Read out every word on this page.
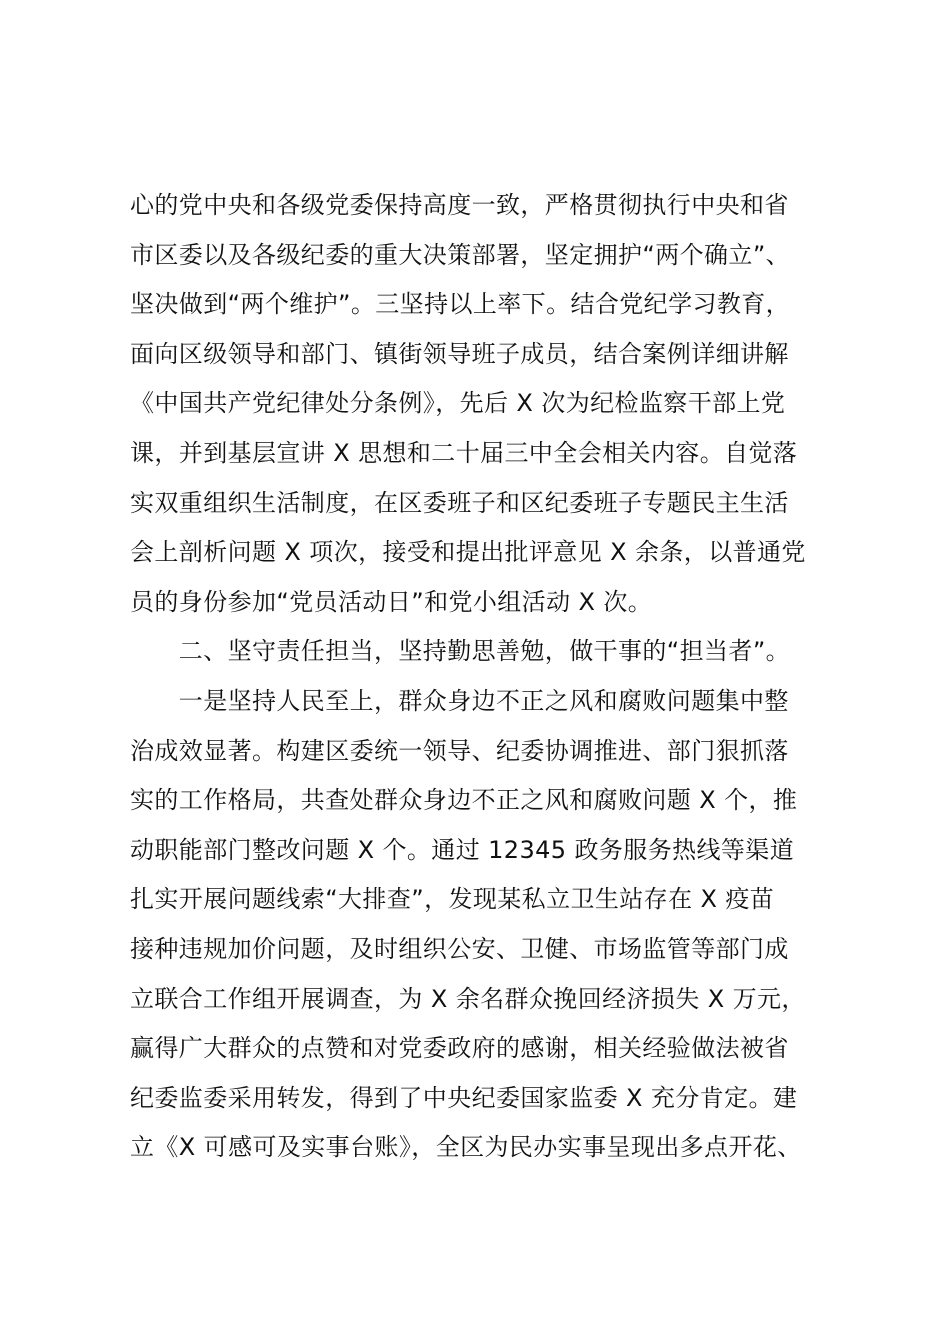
心的党中央和各级党委保持高度一致，严格贯彻执行中央和省
市区委以及各级纪委的重大决策部署，坚定拥护“两个确立”、
坚决做到“两个维护”。三坚持以上率下。结合党纪学习教育，
面向区级领导和部门、镇街领导班子成员，结合案例详细讲解
《中国共产党纪律处分条例》，先后 X 次为纪检监察干部上党
课，并到基层宣讲 X 思想和二十届三中全会相关内容。自觉落
实双重组织生活制度，在区委班子和区纪委班子专题民主生活
会上剖析问题 X 项次，接受和提出批评意见 X 余条，以普通党
员的身份参加“党员活动日”和党小组活动 X 次。
　　二、坚守责任担当，坚持勤思善勉，做干事的“担当者”。
　　一是坚持人民至上，群众身边不正之风和腐败问题集中整
治成效显著。构建区委统一领导、纪委协调推进、部门狠抓落
实的工作格局，共查处群众身边不正之风和腐败问题 X 个，推
动职能部门整改问题 X 个。通过 12345 政务服务热线等渠道
扎实开展问题线索“大排查”，发现某私立卫生站存在 X 疫苗
接种违规加价问题，及时组织公安、卫健、市场监管等部门成
立联合工作组开展调查，为 X 余名群众挽回经济损失 X 万元，
赢得广大群众的点赞和对党委政府的感谢，相关经验做法被省
纪委监委采用转发，得到了中央纪委国家监委 X 充分肯定。建
立《X 可感可及实事台账》，全区为民办实事呈现出多点开花、
